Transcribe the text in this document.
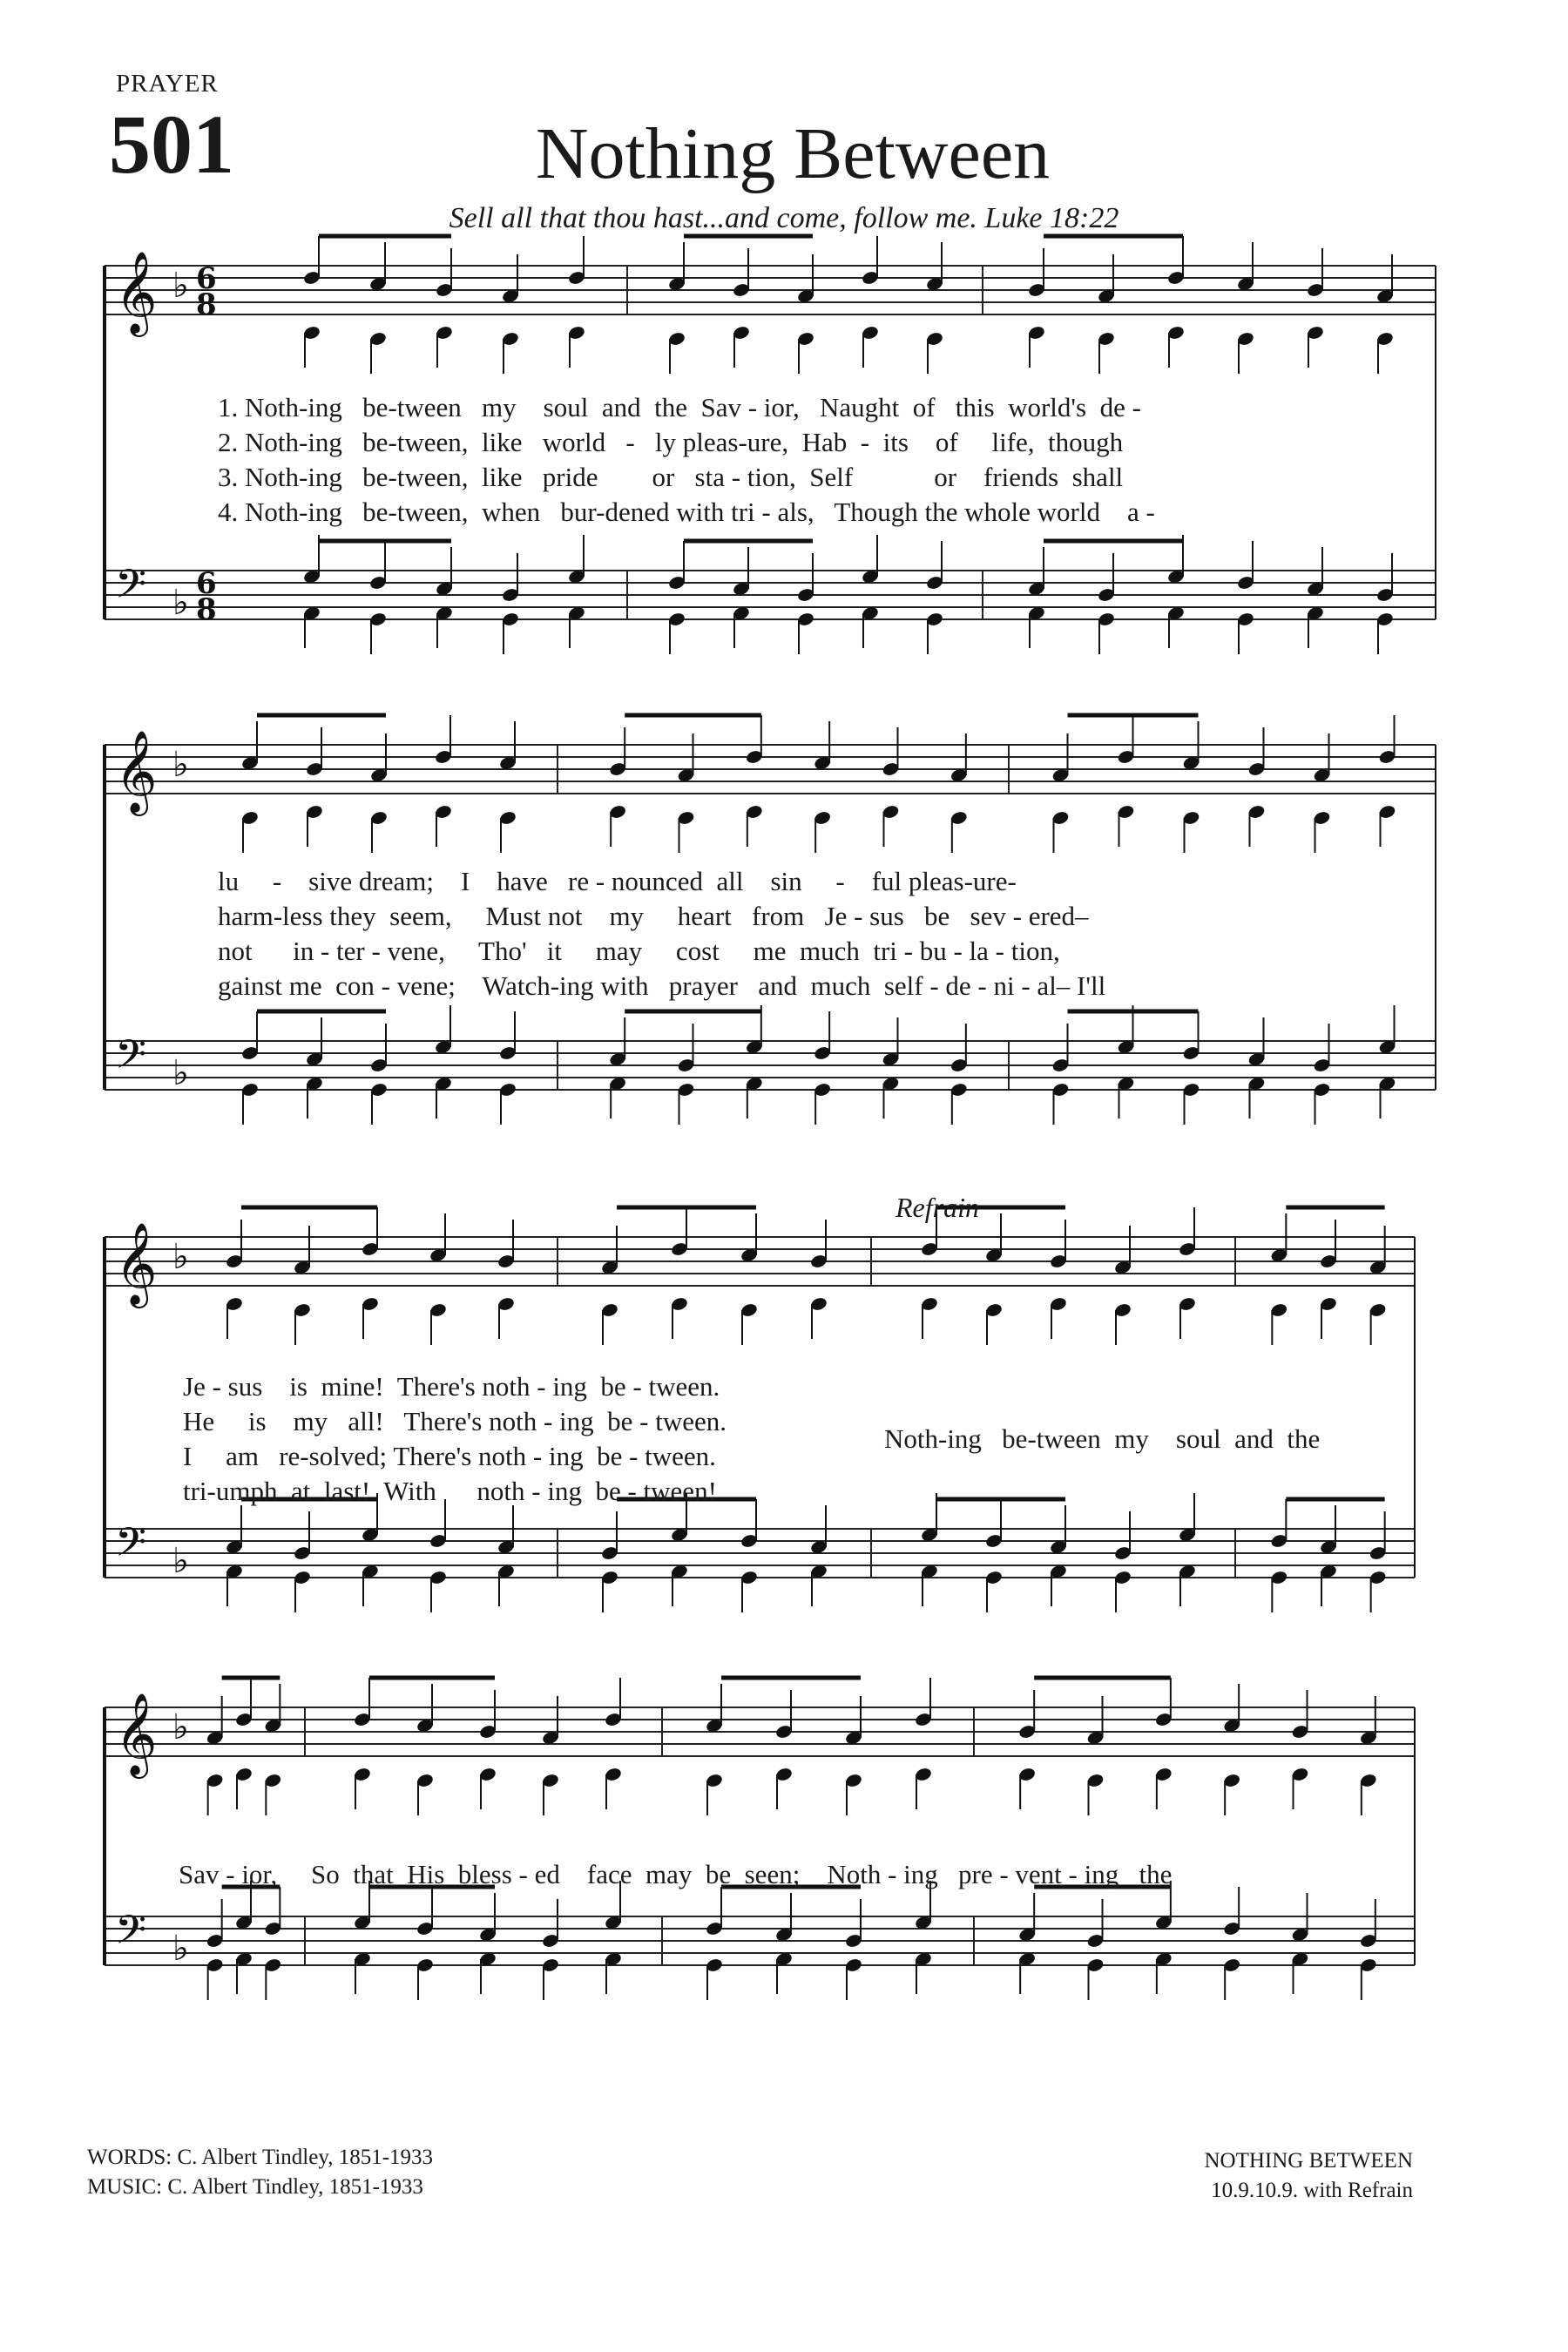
PRAYER
501	Nothing Between
Sell all that thou hast...and come, follow me. Luke 18:22
𝄞 ♭ 6
8
𝄢 ♭ 6
8
𝄞 ♭
𝄢 ♭
𝄞 ♭
𝄢 ♭
𝄞 ♭
𝄢 ♭
1. Noth-ing   be-tween   my    soul  and  the  Sav - ior,   Naught  of   this  world's  de -
2. Noth-ing   be-tween,  like   world   -   ly pleas-ure,  Hab  -  its    of     life,  though
3. Noth-ing   be-tween,  like   pride        or   sta - tion,  Self            or    friends  shall
4. Noth-ing   be-tween,  when   bur-dened with tri - als,   Though the whole world    a -
lu     -    sive dream;    I    have   re - nounced  all    sin     -    ful pleas-ure-
harm-less they  seem,     Must not    my     heart   from   Je - sus   be   sev - ered–
not      in - ter - vene,     Tho'   it     may     cost     me  much  tri - bu - la - tion,
gainst me  con - vene;    Watch-ing with   prayer   and  much  self - de - ni - al– I'll
Refrain
Je - sus    is  mine!  There's noth - ing  be - tween.
He     is    my   all!   There's noth - ing  be - tween.
I     am   re-solved; There's noth - ing  be - tween.
tri-umph  at  last!  With      noth - ing  be - tween!
Noth-ing   be-tween  my    soul  and  the
Sav - ior,     So  that  His  bless - ed    face  may  be  seen;    Noth - ing   pre - vent - ing   the
WORDS: C. Albert Tindley, 1851-1933
MUSIC: C. Albert Tindley, 1851-1933
NOTHING BETWEEN
10.9.10.9. with Refrain
